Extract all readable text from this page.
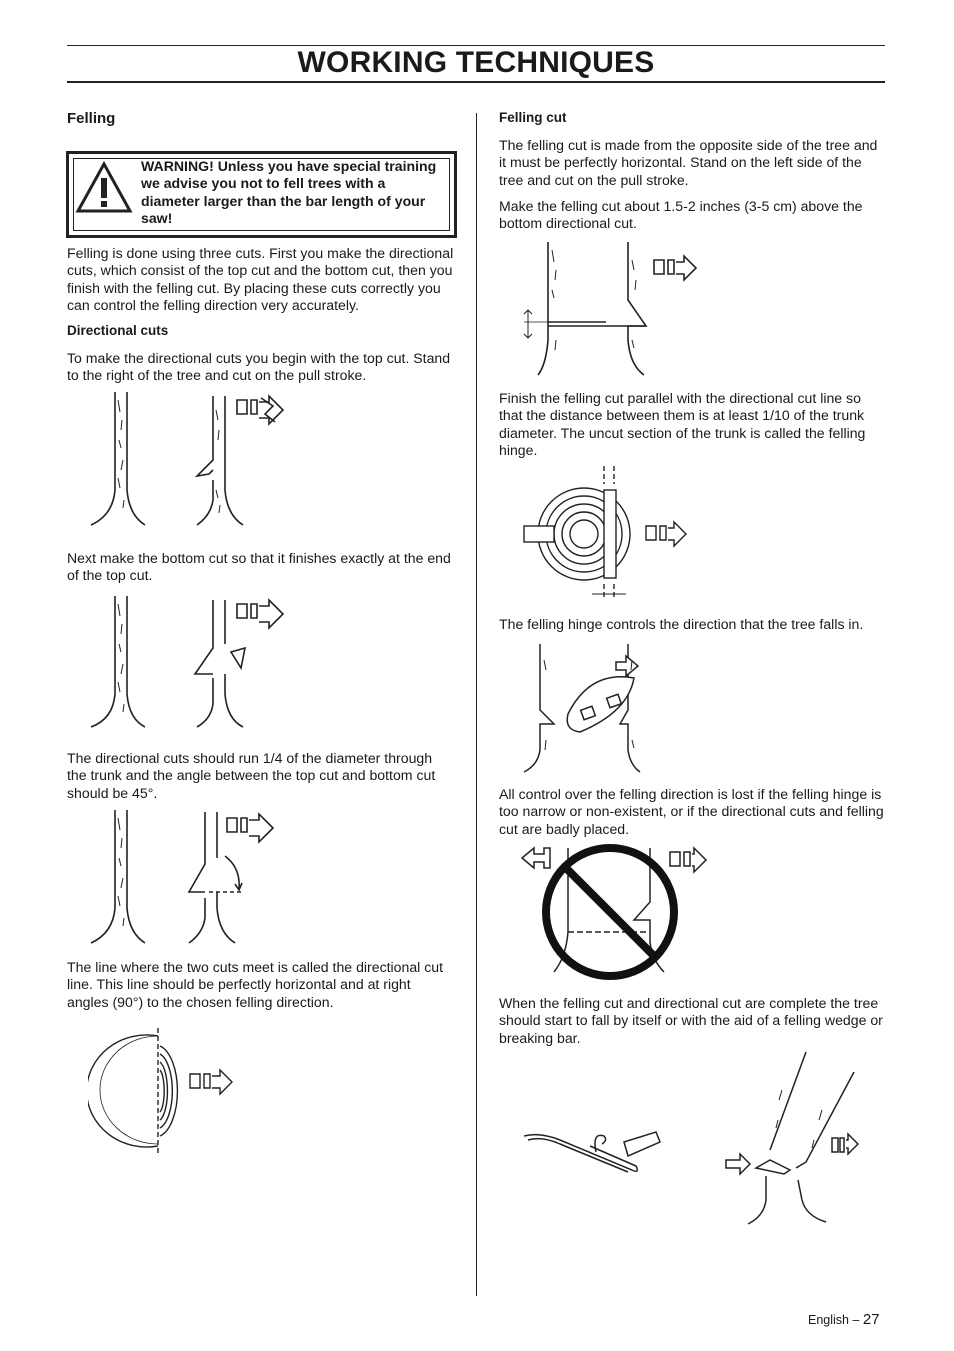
WORKING TECHNIQUES
Felling
WARNING! Unless you have special training we advise you not to fell trees with a diameter larger than the bar length of your saw!
Felling is done using three cuts. First you make the directional cuts, which consist of the top cut and the bottom cut, then you finish with the felling cut. By placing these cuts correctly you can control the felling direction very accurately.
Directional cuts
To make the directional cuts you begin with the top cut. Stand to the right of the tree and cut on the pull stroke.
Next make the bottom cut so that it finishes exactly at the end of the top cut.
The directional cuts should run 1/4 of the diameter through the trunk and the angle between the top cut and bottom cut should be 45°.
The line where the two cuts meet is called the directional cut line. This line should be perfectly horizontal and at right angles (90°) to the chosen felling direction.
Felling cut
The felling cut is made from the opposite side of the tree and it must be perfectly horizontal. Stand on the left side of the tree and cut on the pull stroke.
Make the felling cut about 1.5-2 inches (3-5 cm) above the bottom directional cut.
Finish the felling cut parallel with the directional cut line so that the distance between them is at least 1/10 of the trunk diameter. The uncut section of the trunk is called the felling hinge.
The felling hinge controls the direction that the tree falls in.
All control over the felling direction is lost if the felling hinge is too narrow or non-existent, or if the directional cuts and felling cut are badly placed.
When the felling cut and directional cut are complete the tree should start to fall by itself or with the aid of a felling wedge or breaking bar.
English – 27
